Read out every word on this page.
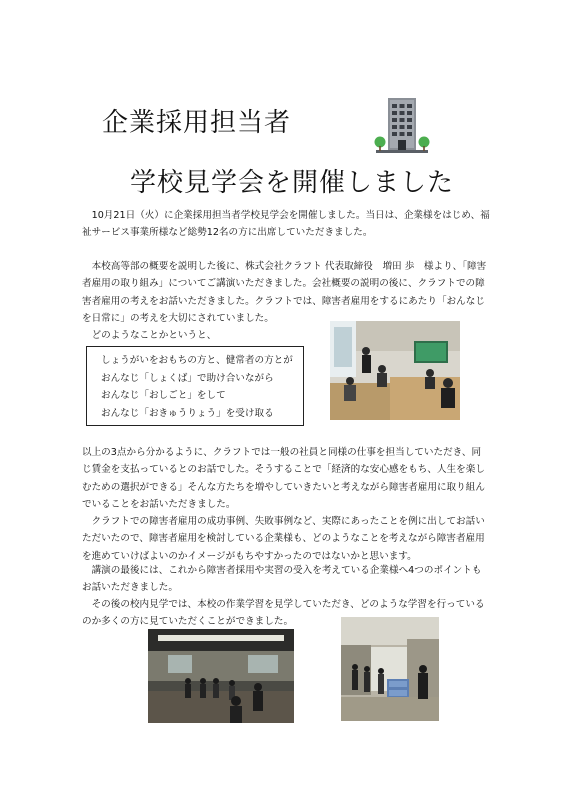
企業採用担当者
学校見学会を開催しました

　10月21日（火）に企業採用担当者学校見学会を開催しました。当日は、企業様をはじめ、福祉サービス事業所様など総勢12名の方に出席していただきました。

　本校高等部の概要を説明した後に、株式会社クラフト 代表取締役　増田 歩　様より、「障害者雇用の取り組み」についてご講演いただきました。会社概要の説明の後に、クラフトでの障害者雇用の考えをお話いただきました。クラフトでは、障害者雇用をするにあたり「おんなじを日常に」の考えを大切にされていました。

　どのようなことかというと、

しょうがいをおもちの方と、健常者の方とが
おんなじ「しょくば」で助け合いながら
おんなじ「おしごと」をして
おんなじ「おきゅうりょう」を受け取る

以上の3点から分かるように、クラフトでは一般の社員と同様の仕事を担当していただき、同じ賃金を支払っているとのお話でした。そうすることで「経済的な安心感をもち、人生を楽しむための選択ができる」そんな方たちを増やしていきたいと考えながら障害者雇用に取り組んでいることをお話いただきました。

　クラフトでの障害者雇用の成功事例、失敗事例など、実際にあったことを例に出してお話いただいたので、障害者雇用を検討している企業様も、どのようなことを考えながら障害者雇用を進めていけばよいのかイメージがもちやすかったのではないかと思います。

　講演の最後には、これから障害者採用や実習の受入を考えている企業様へ4つのポイントもお話いただきました。

　その後の校内見学では、本校の作業学習を見学していただき、どのような学習を行っているのか多くの方に見ていただくことができました。
